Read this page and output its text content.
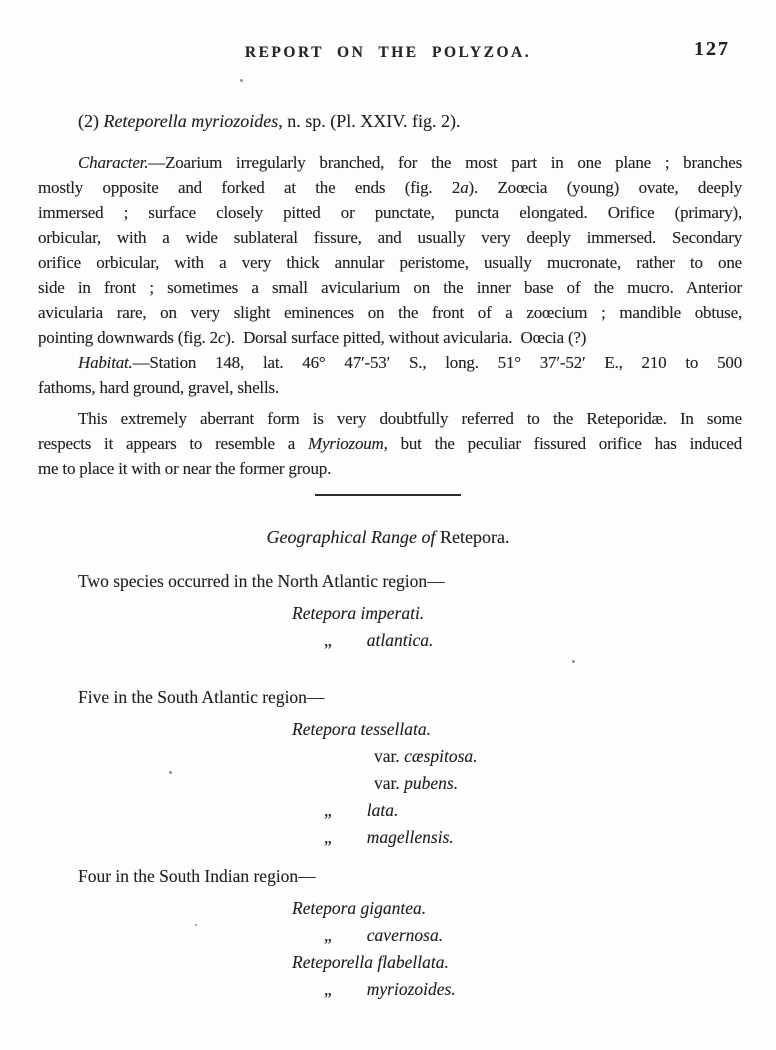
REPORT ON THE POLYZOA.	127
(2) Reteporella myriozoides, n. sp. (Pl. XXIV. fig. 2).
Character.—Zoarium irregularly branched, for the most part in one plane ; branches
mostly opposite and forked at the ends (fig. 2a). Zoœcia (young) ovate, deeply
immersed ; surface closely pitted or punctate, puncta elongated. Orifice (primary),
orbicular, with a wide sublateral fissure, and usually very deeply immersed. Secondary
orifice orbicular, with a very thick annular peristome, usually mucronate, rather to one
side in front ; sometimes a small avicularium on the inner base of the mucro. Anterior
avicularia rare, on very slight eminences on the front of a zoœcium ; mandible obtuse,
pointing downwards (fig. 2c). Dorsal surface pitted, without avicularia. Oœcia (?)
Habitat.—Station 148, lat. 46° 47′-53′ S., long. 51° 37′-52′ E., 210 to 500
fathoms, hard ground, gravel, shells.
This extremely aberrant form is very doubtfully referred to the Reteporidæ. In some
respects it appears to resemble a Myriozoum, but the peculiar fissured orifice has induced
me to place it with or near the former group.
Geographical Range of Retepora.
Two species occurred in the North Atlantic region—
Retepora imperati.
„   atlantica.
Five in the South Atlantic region—
Retepora tessellata.
var. cæspitosa.
var. pubens.
„   lata.
„   magellensis.
Four in the South Indian region—
Retepora gigantea.
„   cavernosa.
Reteporella flabellata.
„   myriozoides.
